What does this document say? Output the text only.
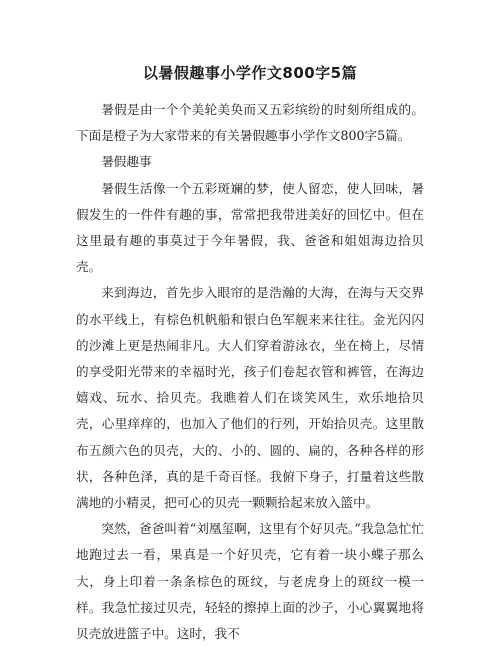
以暑假趣事小学作文800字5篇

暑假是由一个个美轮美奂而又五彩缤纷的时刻所组成的。下面是橙子为大家带来的有关暑假趣事小学作文800字5篇。

暑假趣事

暑假生活像一个五彩斑斓的梦，使人留恋，使人回味，暑假发生的一件件有趣的事，常常把我带进美好的回忆中。但在这里最有趣的事莫过于今年暑假，我、爸爸和姐姐海边拾贝壳。

来到海边，首先步入眼帘的是浩瀚的大海，在海与天交界的水平线上，有棕色机帆船和银白色军舰来来往往。金光闪闪的沙滩上更是热闹非凡。大人们穿着游泳衣，坐在椅上，尽情的享受阳光带来的幸福时光，孩子们卷起衣管和裤管，在海边嬉戏、玩水、拾贝壳。我瞧着人们在谈笑风生，欢乐地拾贝壳，心里痒痒的，也加入了他们的行列，开始拾贝壳。这里散布五颜六色的贝壳，大的、小的、圆的、扁的，各种各样的形状，各种色泽，真的是千奇百怪。我俯下身子，打量着这些散满地的小精灵，把可心的贝壳一颗颗拾起来放入篮中。

突然，爸爸叫着“刘凰玺啊，这里有个好贝壳。”我急急忙忙地跑过去一看，果真是一个好贝壳，它有着一块小蝶子那么大，身上印着一条条棕色的斑纹，与老虎身上的斑纹一模一样。我急忙接过贝壳，轻轻的擦掉上面的沙子，小心翼翼地将贝壳放进篮子中。这时，我不
